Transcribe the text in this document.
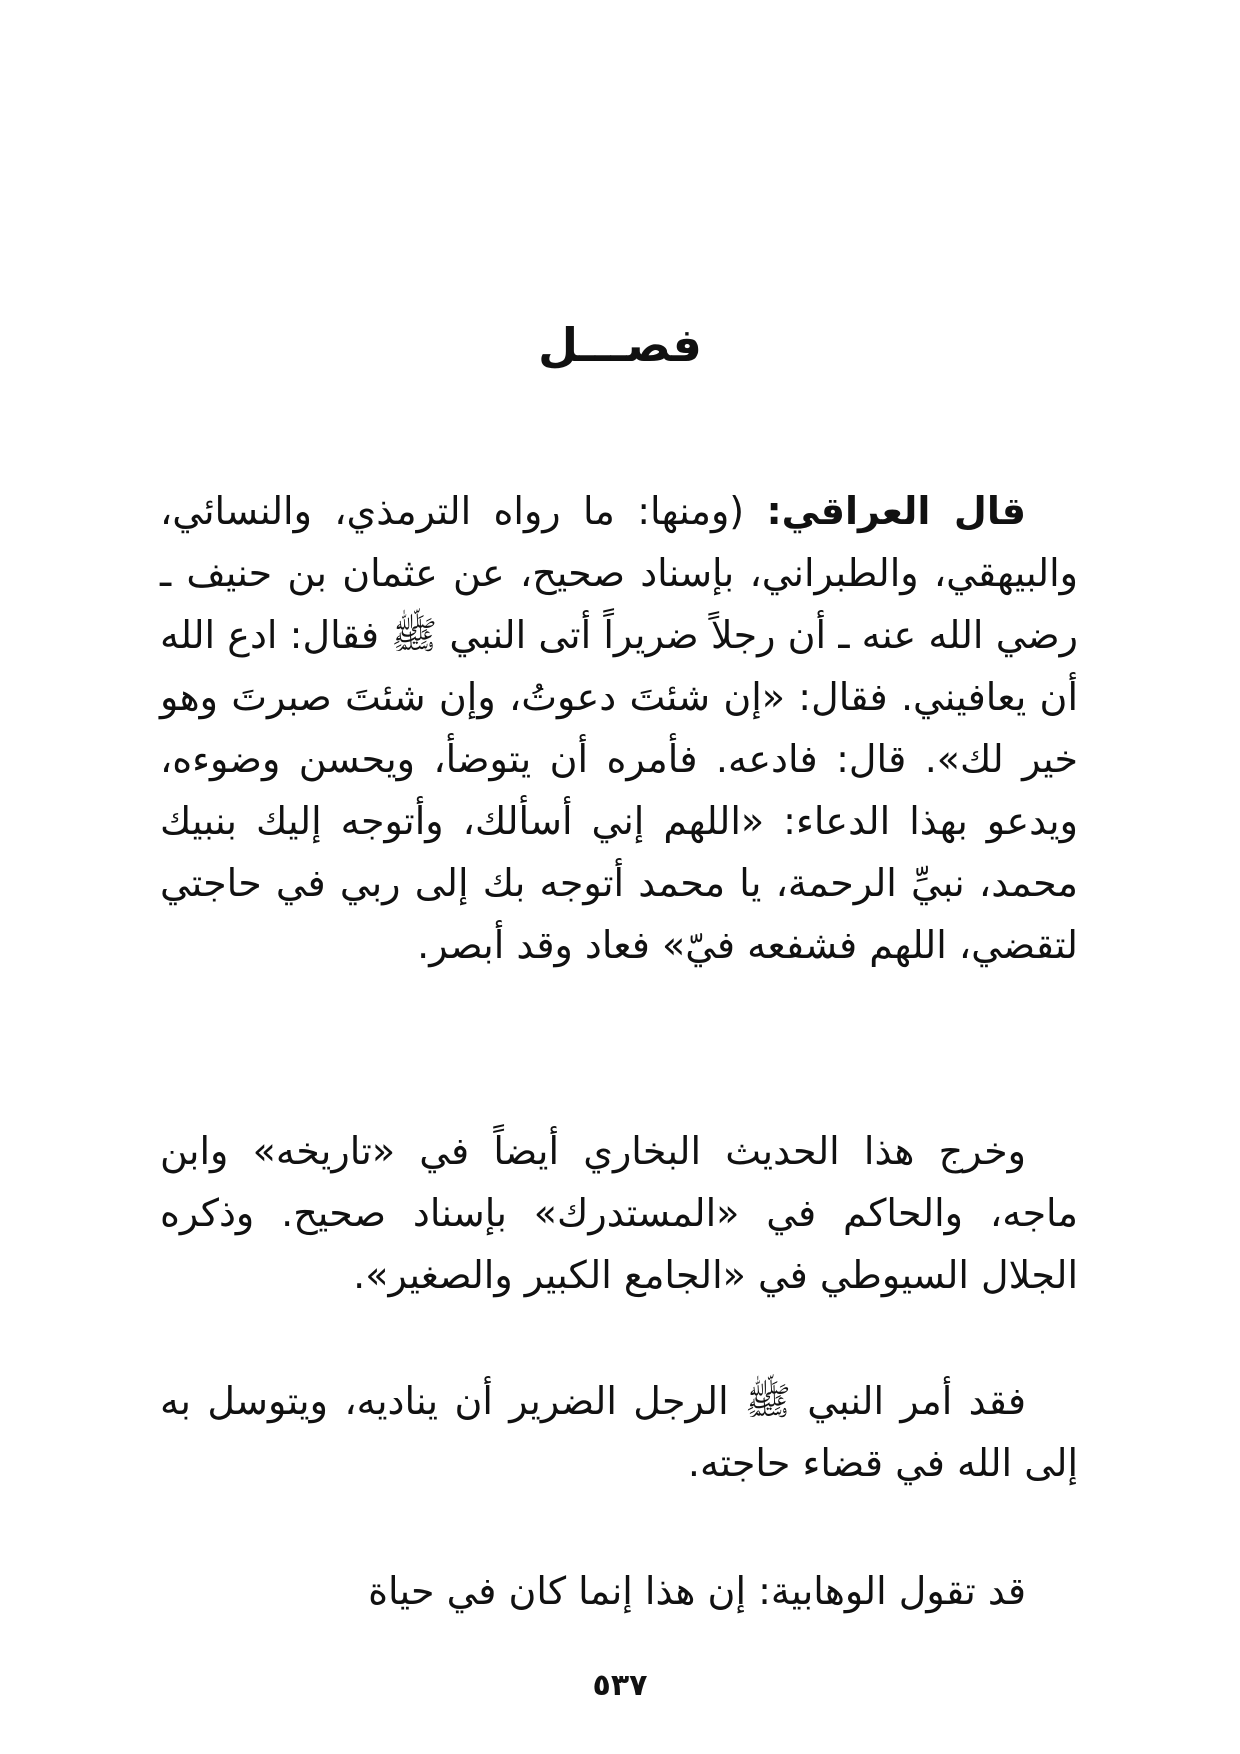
فصـــل

قال العراقي: (ومنها: ما رواه الترمذي، والنسائي، والبيهقي، والطبراني، بإسناد صحيح، عن عثمان بن حنيف ـ رضي الله عنه ـ أن رجلاً ضريراً أتى النبي ﷺ فقال: ادع الله أن يعافيني. فقال: «إن شئتَ دعوتُ، وإن شئتَ صبرتَ وهو خير لك». قال: فادعه. فأمره أن يتوضأ، ويحسن وضوءه، ويدعو بهذا الدعاء: «اللهم إني أسألك، وأتوجه إليك بنبيك محمد، نبيِّ الرحمة، يا محمد أتوجه بك إلى ربي في حاجتي لتقضي، اللهم فشفعه فيّ» فعاد وقد أبصر.

وخرج هذا الحديث البخاري أيضاً في «تاريخه» وابن ماجه، والحاكم في «المستدرك» بإسناد صحيح. وذكره الجلال السيوطي في «الجامع الكبير والصغير».

فقد أمر النبي ﷺ الرجل الضرير أن يناديه، ويتوسل به إلى الله في قضاء حاجته.

قد تقول الوهابية: إن هذا إنما كان في حياة

٥٣٧
